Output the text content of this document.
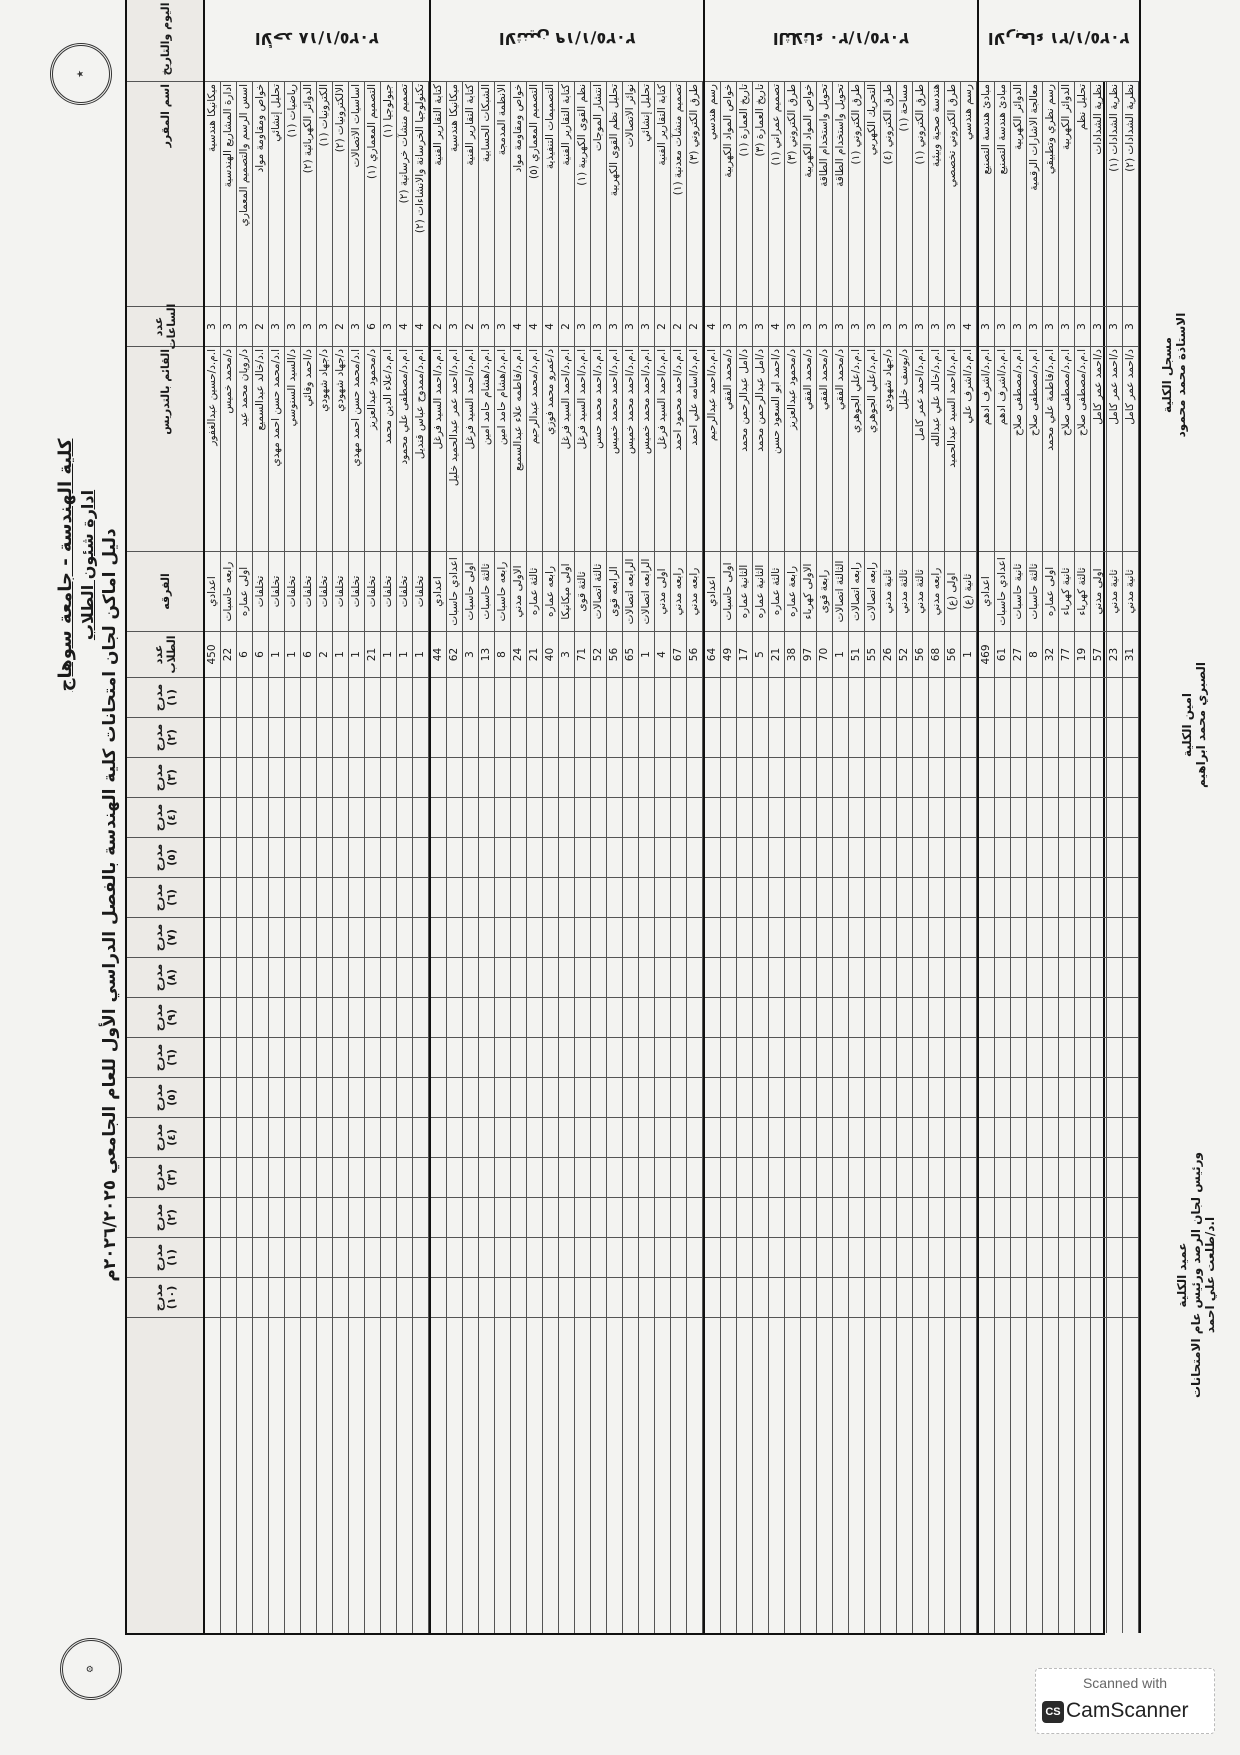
★
⚙
كلية الهندسة - جامعة سوهاج ادارة شئون الطلاب
دليل اماكن لجان امتحانات كلية الهندسة بالفصل الدراسي الأول للعام الجامعي ٢٠٢٦/٢٠٢٥م
اليوم والتاريخ
اسم المقرر
عدد الساعات
القائم بالتدريس
الفرقه
عدد الطلاب
مدرج (١)
مدرج (٢)
مدرج (٣)
مدرج (٤)
مدرج (٥)
مدرج (٦)
مدرج (٧)
مدرج (٨)
مدرج (٩)
مدرج (٦)
مدرج (٥)
مدرج (٤)
مدرج (٣)
مدرج (٢)
مدرج (١)
مدرج (١٠)
الأحد ٢٠٢٥/١/١٨
ميكانيكا هندسية
3
ا.م.د/حسين عبدالغفور
اعدادي
450
ادارة المشاريع الهندسية
3
د/محمد خميس
رابعه حاسبات
22
اسس الرسم والتصميم المعماري
3
د/رويان محمد عيد
اولى عماره
6
خواص ومقاومة مواد
2
ا.د/خالد عبدالسميع
تخلفات
6
تحليل إنشائي
3
ا.د/محمد حسن احمد مهدي
تخلفات
1
رياضيات (١)
3
د/السيد السنوسي
تخلفات
1
الدوائر الكهربائية (٢)
3
د/احمد وفائي
تخلفات
6
الكترونيات (١)
3
د/جهاد شهودي
تخلفات
2
الالكترونيات (٢)
2
د/جهاد شهودي
تخلفات
1
اساسيات الاتصالات
3
ا.د/محمد حسن احمد مهدي
تخلفات
1
التصميم المعماري (١)
6
د/محمود عبدالعزيز
تخلفات
21
جيولوجيا (١)
3
ا.م.د/علاء الدين محمد
تخلفات
1
تصميم منشآت خرسانية (٢)
4
ا.م.د/مصطفى علي محمود
تخلفات
1
تكنولوجيا الخرسانة والانشاءات (٢)
4
ا.م.د/ممدوح عباس قنديل
تخلفات
1
الاثنين ٢٠٢٥/١/١٩
كتابة التقارير الفنية
2
ا.م.د/احمد السيد فرغل
اعدادي
44
ميكانيكا هندسية
3
ا.م.د/احمد عمر عبدالحميد خليل
اعدادي حاسبات
62
كتابة التقارير الفنية
2
ا.م.د/احمد السيد فرغل
اولى حاسبات
3
الشبكات الحسابية
3
ا.م.د/هشام حامد امين
ثالثة حاسبات
13
الانظمة المدمجة
3
ا.م.د/هشام حامد امين
رابعه حاسبات
8
خواص ومقاومة مواد
4
ا.م.د/فاطمه علاء عبدالسميع
الاولى مدني
24
التصميم المعماري (٥)
4
ا.م.د/محمد عبدالرحيم
ثالثة عماره
21
التصميمات التنفيذية
4
د/عمرو محمد فوزي
رابعه عماره
40
كتابة التقارير الفنية
2
ا.م.د/احمد السيد فرغل
اولى ميكانيكا
3
نظم القوى الكهربية (١)
3
ا.م.د/احمد السيد فرغل
ثالثة قوى
71
انتشار الموجات
3
ا.م.د/احمد محمد حسن
ثالثة اتصالات
52
تحليل نظم القوى الكهربية
3
ا.م.د/احمد محمد خميس
الرابعه قوى
56
نوائر الاتصالات
3
ا.م.د/احمد محمد خميس
الرابعه اتصالات
65
تحليل إنشائي
3
ا.م.د/احمد محمد خميس
الرابعه اتصالات
1
كتابة التقارير الفنية
2
ا.م.د/احمد السيد فرغل
اولى مدني
4
تصميم منشآت معدنية (١)
2
ا.م.د/احمد محمود احمد
رابعه مدني
67
طرق الكتروني (٣)
2
ا.م.د/اسامه علي احمد
رابعه مدني
56
الثلاثاء ٢٠٢٥/١/٢٠
رسم هندسي
4
ا.م.د/احمد عبدالرحيم
اعدادي
64
خواص المواد الكهربية
3
د/محمد الفقي
اولى حاسبات
49
تاريخ العمارة (١)
3
د/امل عبدالرحمن محمد
الثانية عماره
17
تاريخ العمارة (٣)
3
د/امل عبدالرحمن محمد
الثانية عماره
5
تصميم عمراني (١)
4
د/احمد ابو السعود حسن
ثالثة عماره
21
طرق الكتروني (٣)
3
د/محمود عبدالعزيز
رابعة عماره
38
خواص المواد الكهربية
3
د/محمد الفقي
الاولى كهرباء
97
تحويل واستخدام الطاقة
3
د/محمد الفقي
رابعة قوى
70
تحويل واستخدام الطاقة
3
د/محمد الفقي
الثالثة اتصالات
1
طرق الكتروني (١)
3
ا.م.د/علي الجوهري
رابعه اتصالات
51
التحريك الكهربي
3
ا.م.د/علي الجوهري
رابعه اتصالات
55
طرق الكتروني (٤)
3
د/جهاد شهودي
ثانية مدني
26
مساحة (١)
3
د/يوسف خليل
ثالثة مدني
52
طرق الكتروني (١)
3
ا.م.د/احمد عمر كامل
ثالثة مدني
56
هندسة صحية وبيئية
3
ا.م.د/خالد علي عبدالله
رابعه مدني
68
طرق الكتروني تخصصي
3
ا.م.د/احمد السيد عبدالحميد
اولى (ع)
56
رسم هندسي
4
ا.م.د/اشرف علي
ثانية (ع)
1
الاربعاء ٢٠٢٥/١/٢١
مبادئ هندسة التصنيع
3
ا.م.د/اشرف ادهم
اعدادي
469
مبادئ هندسة التصنيع
3
ا.م.د/اشرف ادهم
اعدادي حاسبات
61
الدوائر الكهربية
3
ا.م.د/مصطفى صلاح
ثانية حاسبات
27
معالجة الاشارات الرقمية
3
ا.م.د/مصطفى صلاح
ثالثة حاسبات
8
رسم نظري وتطبيقي
3
ا.م.د/فاطمة علي محمد
اولى عماره
32
الدوائر الكهربية
3
ا.م.د/مصطفى صلاح
ثانية كهرباء
77
تحليل نظم
3
ا.م.د/مصطفى صلاح
ثالثة كهرباء
19
نظرية الشدادات
3
د/احمد عمر كامل
اولى مدني
57
نظرية الشدادات (١)
3
د/احمد عمر كامل
ثانية مدني
23
نظرية الشدادات (٢)
3
د/احمد عمر كامل
ثانية مدني
31
مسجل الكلية الاستاذة محمد محمود
امين الكلية الصبري محمد ابراهيم
عميد الكلية ورئيس لجان الرصد ورئيس عام الامتحانات ا.د/طلعت علي احمد
Scanned with
CS CamScanner
